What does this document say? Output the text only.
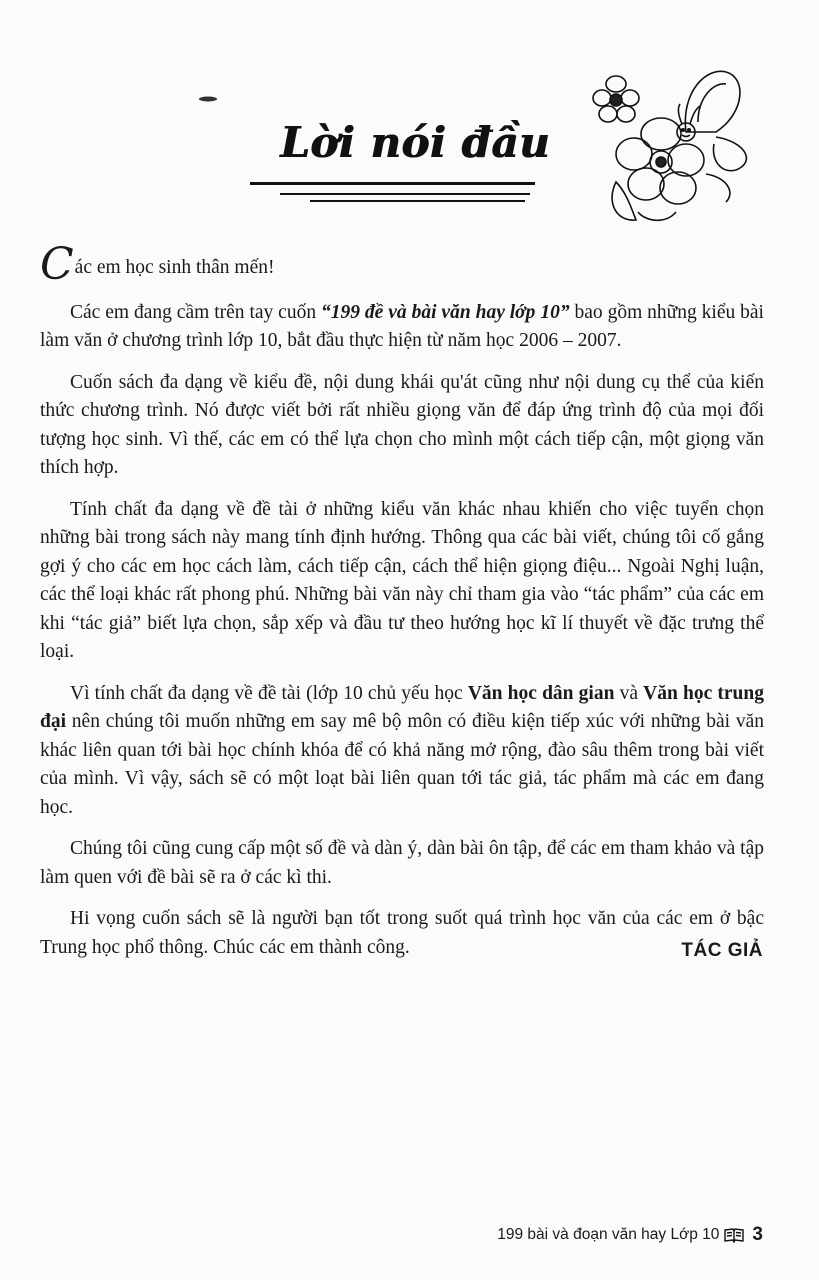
Lời nói đầu

Các em học sinh thân mến!

Các em đang cầm trên tay cuốn “199 đề và bài văn hay lớp 10” bao gồm những kiểu bài làm văn ở chương trình lớp 10, bắt đầu thực hiện từ năm học 2006 – 2007.

Cuốn sách đa dạng về kiểu đề, nội dung khái qu'át cũng như nội dung cụ thể của kiến thức chương trình. Nó được viết bởi rất nhiều giọng văn để đáp ứng trình độ của mọi đối tượng học sinh. Vì thế, các em có thể lựa chọn cho mình một cách tiếp cận, một giọng văn thích hợp.

Tính chất đa dạng về đề tài ở những kiểu văn khác nhau khiến cho việc tuyển chọn những bài trong sách này mang tính định hướng. Thông qua các bài viết, chúng tôi cố gắng gợi ý cho các em học cách làm, cách tiếp cận, cách thể hiện giọng điệu... Ngoài Nghị luận, các thể loại khác rất phong phú. Những bài văn này chỉ tham gia vào “tác phẩm” của các em khi “tác giả” biết lựa chọn, sắp xếp và đầu tư theo hướng học kĩ lí thuyết về đặc trưng thể loại.

Vì tính chất đa dạng về đề tài (lớp 10 chủ yếu học Văn học dân gian và Văn học trung đại nên chúng tôi muốn những em say mê bộ môn có điều kiện tiếp xúc với những bài văn khác liên quan tới bài học chính khóa để có khả năng mở rộng, đào sâu thêm trong bài viết của mình. Vì vậy, sách sẽ có một loạt bài liên quan tới tác giả, tác phẩm mà các em đang học.

Chúng tôi cũng cung cấp một số đề và dàn ý, dàn bài ôn tập, để các em tham khảo và tập làm quen với đề bài sẽ ra ở các kì thi.

Hi vọng cuốn sách sẽ là người bạn tốt trong suốt quá trình học văn của các em ở bậc Trung học phổ thông. Chúc các em thành công.	TÁC GIẢ
199 bài và đoạn văn hay Lớp 10 3
